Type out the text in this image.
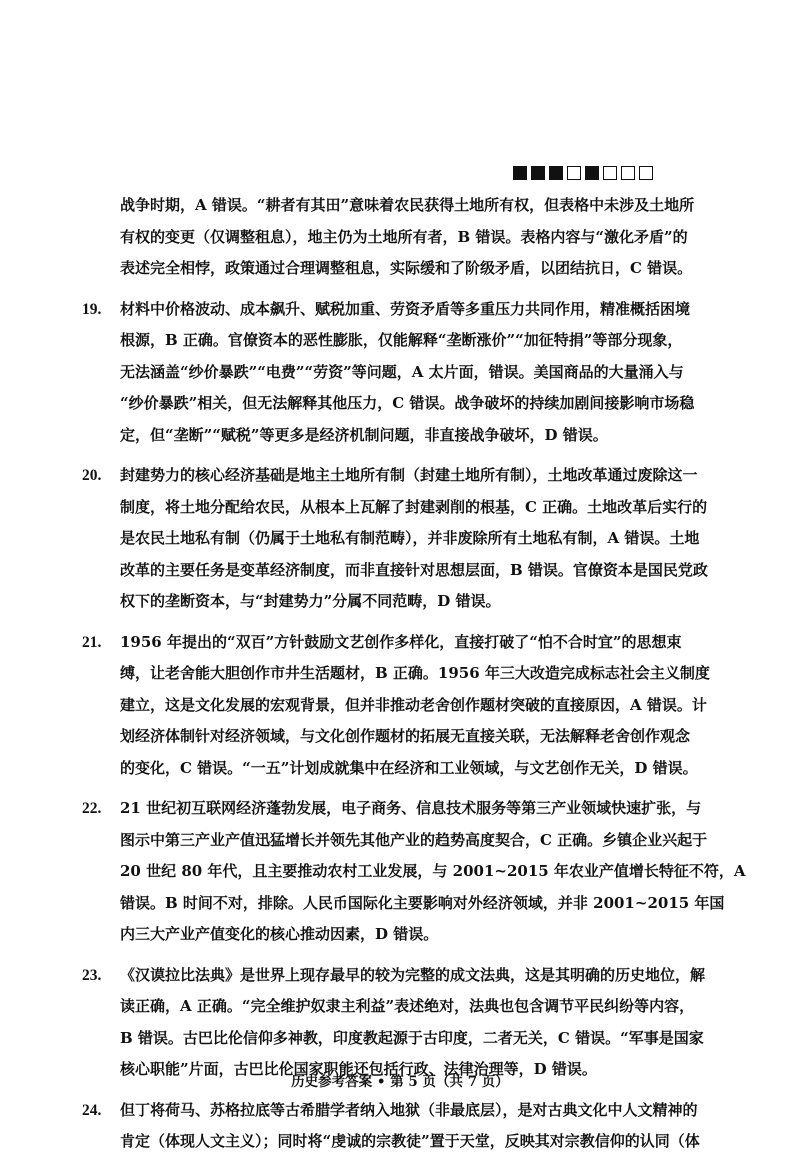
战争时期，A 错误。“耕者有其田”意味着农民获得土地所有权，但表格中未涉及土地所
有权的变更（仅调整租息），地主仍为土地所有者，B 错误。表格内容与“激化矛盾”的
表述完全相悖，政策通过合理调整租息，实际缓和了阶级矛盾，以团结抗日，C 错误。
19. 材料中价格波动、成本飙升、赋税加重、劳资矛盾等多重压力共同作用，精准概括困境
根源，B 正确。官僚资本的恶性膨胀，仅能解释“垄断涨价”“加征特捐”等部分现象，
无法涵盖“纱价暴跌”“电费”“劳资”等问题，A 太片面，错误。美国商品的大量涌入与
“纱价暴跌”相关，但无法解释其他压力，C 错误。战争破坏的持续加剧间接影响市场稳
定，但“垄断”“赋税”等更多是经济机制问题，非直接战争破坏，D 错误。
20. 封建势力的核心经济基础是地主土地所有制（封建土地所有制），土地改革通过废除这一
制度，将土地分配给农民，从根本上瓦解了封建剥削的根基，C 正确。土地改革后实行的
是农民土地私有制（仍属于土地私有制范畴），并非废除所有土地私有制，A 错误。土地
改革的主要任务是变革经济制度，而非直接针对思想层面，B 错误。官僚资本是国民党政
权下的垄断资本，与“封建势力”分属不同范畴，D 错误。
21. 1956 年提出的“双百”方针鼓励文艺创作多样化，直接打破了“怕不合时宜”的思想束
缚，让老舍能大胆创作市井生活题材，B 正确。1956 年三大改造完成标志社会主义制度
建立，这是文化发展的宏观背景，但并非推动老舍创作题材突破的直接原因，A 错误。计
划经济体制针对经济领域，与文化创作题材的拓展无直接关联，无法解释老舍创作观念
的变化，C 错误。“一五”计划成就集中在经济和工业领域，与文艺创作无关，D 错误。
22. 21 世纪初互联网经济蓬勃发展，电子商务、信息技术服务等第三产业领域快速扩张，与
图示中第三产业产值迅猛增长并领先其他产业的趋势高度契合，C 正确。乡镇企业兴起于
20 世纪 80 年代，且主要推动农村工业发展，与 2001~2015 年农业产值增长特征不符，A
错误。B 时间不对，排除。人民币国际化主要影响对外经济领域，并非 2001~2015 年国
内三大产业产值变化的核心推动因素，D 错误。
23. 《汉谟拉比法典》是世界上现存最早的较为完整的成文法典，这是其明确的历史地位，解
读正确，A 正确。“完全维护奴隶主利益”表述绝对，法典也包含调节平民纠纷等内容，
B 错误。古巴比伦信仰多神教，印度教起源于古印度，二者无关，C 错误。“军事是国家
核心职能”片面，古巴比伦国家职能还包括行政、法律治理等，D 错误。
24. 但丁将荷马、苏格拉底等古希腊学者纳入地狱（非最底层），是对古典文化中人文精神的
肯定（体现人文主义）；同时将“虔诚的宗教徒”置于天堂，反映其对宗教信仰的认同（体
历史参考答案 • 第 5 页（共 7 页）
